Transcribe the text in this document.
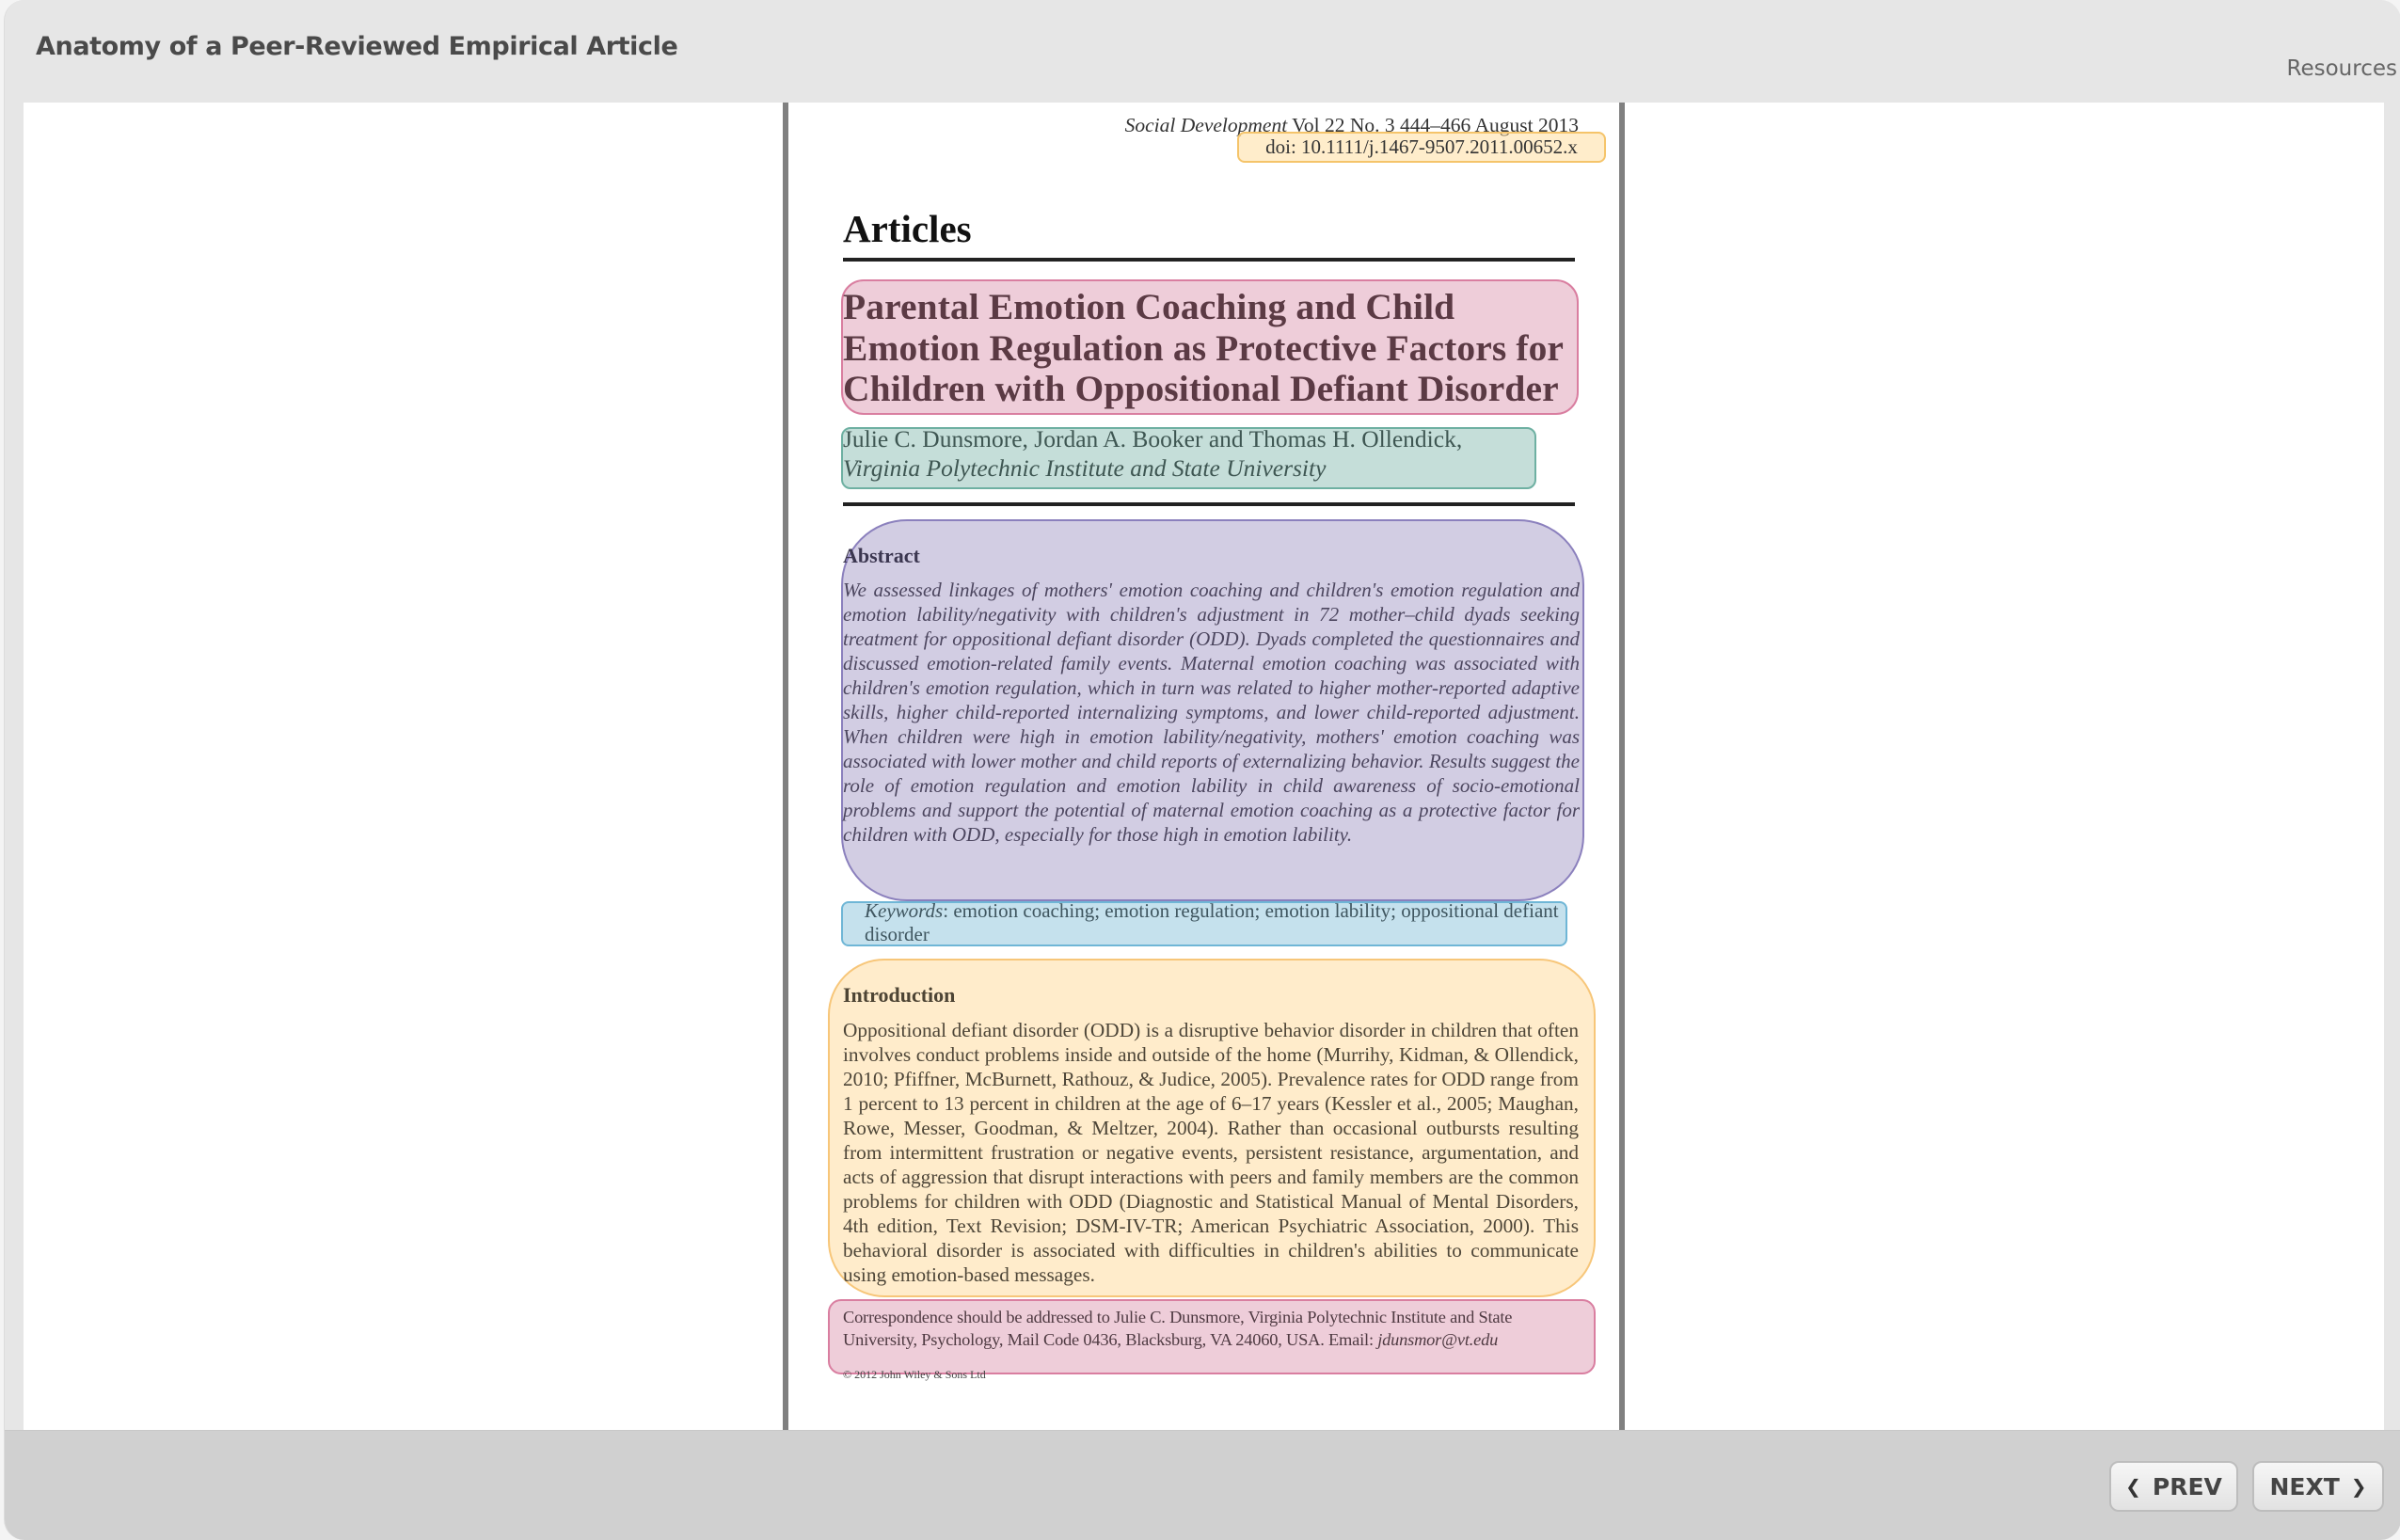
Anatomy of a Peer-Reviewed Empirical Article
Resources
Social Development Vol 22 No. 3 444–466 August 2013
doi: 10.1111/j.1467-9507.2011.00652.x
Articles
Parental Emotion Coaching and Child Emotion Regulation as Protective Factors for Children with Oppositional Defiant Disorder
Julie C. Dunsmore, Jordan A. Booker and Thomas H. Ollendick,
Virginia Polytechnic Institute and State University
Abstract
We assessed linkages of mothers' emotion coaching and children's emotion regulation and emotion lability/negativity with children's adjustment in 72 mother–child dyads seeking treatment for oppositional defiant disorder (ODD). Dyads completed the questionnaires and discussed emotion-related family events. Maternal emotion coaching was associated with children's emotion regulation, which in turn was related to higher mother-reported adaptive skills, higher child-reported internalizing symptoms, and lower child-reported adjustment. When children were high in emotion lability/negativity, mothers' emotion coaching was associated with lower mother and child reports of externalizing behavior. Results suggest the role of emotion regulation and emotion lability in child awareness of socio-emotional problems and support the potential of maternal emotion coaching as a protective factor for children with ODD, especially for those high in emotion lability.
Keywords: emotion coaching; emotion regulation; emotion lability; oppositional defiant disorder
Introduction
Oppositional defiant disorder (ODD) is a disruptive behavior disorder in children that often involves conduct problems inside and outside of the home (Murrihy, Kidman, & Ollendick, 2010; Pfiffner, McBurnett, Rathouz, & Judice, 2005). Prevalence rates for ODD range from 1 percent to 13 percent in children at the age of 6–17 years (Kessler et al., 2005; Maughan, Rowe, Messer, Goodman, & Meltzer, 2004). Rather than occasional outbursts resulting from intermittent frustration or negative events, persistent resistance, argumentation, and acts of aggression that disrupt interactions with peers and family members are the common problems for children with ODD (Diagnostic and Statistical Manual of Mental Disorders, 4th edition, Text Revision; DSM-IV-TR; American Psychiatric Association, 2000). This behavioral disorder is associated with difficulties in children's abilities to communicate using emotion-based messages.
Correspondence should be addressed to Julie C. Dunsmore, Virginia Polytechnic Institute and State University, Psychology, Mail Code 0436, Blacksburg, VA 24060, USA. Email: jdunsmor@vt.edu
© 2012 John Wiley & Sons Ltd
❮ PREV NEXT ❯
